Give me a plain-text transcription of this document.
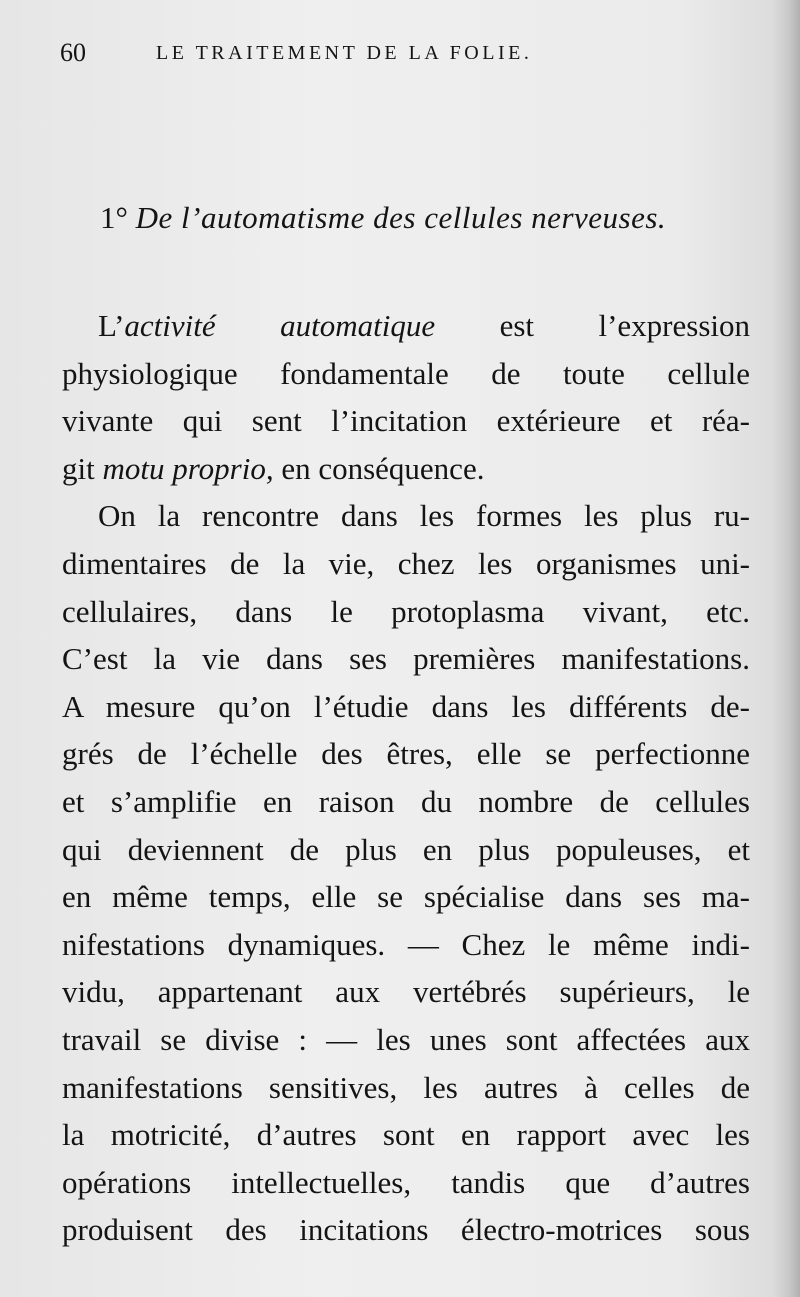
60	LE TRAITEMENT DE LA FOLIE.
1° De l’automatisme des cellules nerveuses.
L’activité automatique est l’expression
physiologique fondamentale de toute cellule
vivante qui sent l’incitation extérieure et réa-
git motu proprio, en conséquence.
On la rencontre dans les formes les plus ru-
dimentaires de la vie, chez les organismes uni-
cellulaires, dans le protoplasma vivant, etc.
C’est la vie dans ses premières manifestations.
A mesure qu’on l’étudie dans les différents de-
grés de l’échelle des êtres, elle se perfectionne
et s’amplifie en raison du nombre de cellules
qui deviennent de plus en plus populeuses, et
en même temps, elle se spécialise dans ses ma-
nifestations dynamiques. — Chez le même indi-
vidu, appartenant aux vertébrés supérieurs, le
travail se divise : — les unes sont affectées aux
manifestations sensitives, les autres à celles de
la motricité, d’autres sont en rapport avec les
opérations intellectuelles, tandis que d’autres
produisent des incitations électro-motrices sous
